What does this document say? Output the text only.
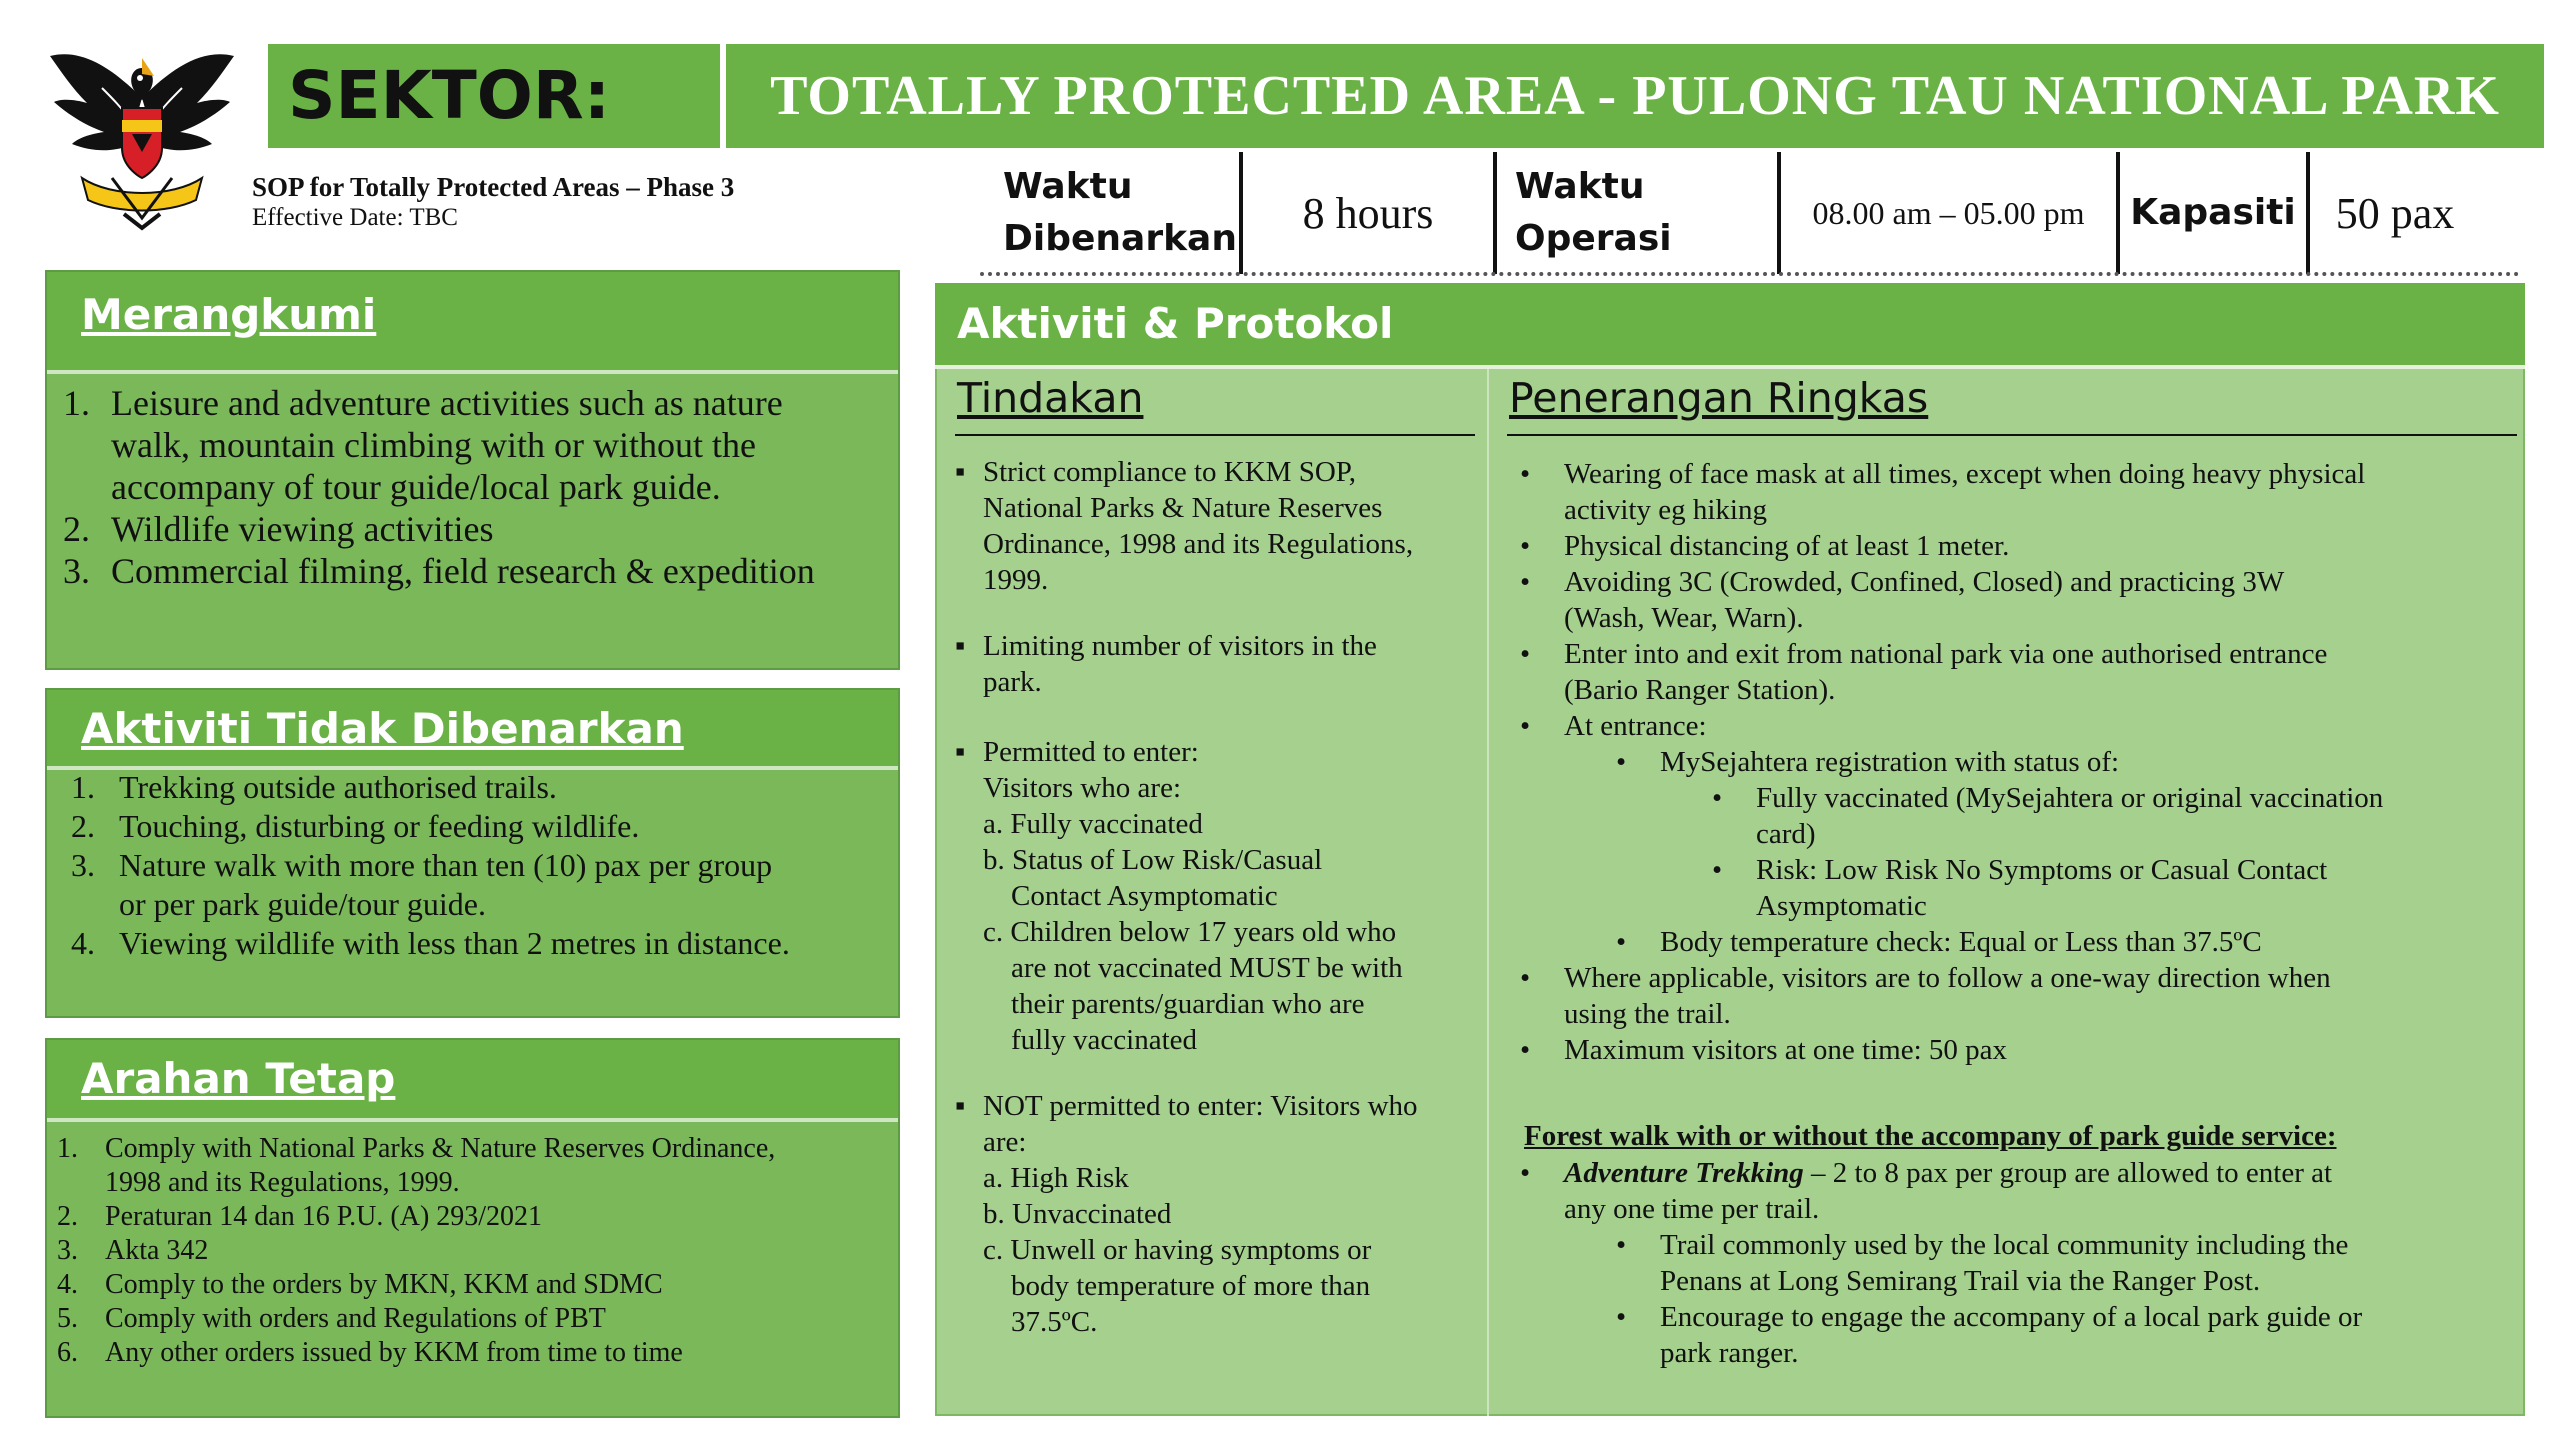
SEKTOR:	TOTALLY PROTECTED AREA - PULONG TAU NATIONAL PARK
SOP for Totally Protected Areas – Phase 3
Effective Date: TBC
Waktu
Dibenarkan
8 hours
Waktu
Operasi
08.00 am – 05.00 pm Kapasiti 50 pax
Merangkumi
1. Leisure and adventure activities such as nature
walk, mountain climbing with or without the
accompany of tour guide/local park guide.
2. Wildlife viewing activities
3. Commercial filming, field research & expedition
Aktiviti Tidak Dibenarkan
1. Trekking outside authorised trails.
2. Touching, disturbing or feeding wildlife.
3. Nature walk with more than ten (10) pax per group
or per park guide/tour guide.
4. Viewing wildlife with less than 2 metres in distance.
Arahan Tetap
1. Comply with National Parks & Nature Reserves Ordinance,
1998 and its Regulations, 1999.
2. Peraturan 14 dan 16 P.U. (A) 293/2021
3. Akta 342
4. Comply to the orders by MKN, KKM and SDMC
5. Comply with orders and Regulations of PBT
6. Any other orders issued by KKM from time to time
Aktiviti & Protokol
Tindakan	Penerangan Ringkas
▪ Strict compliance to KKM SOP,
National Parks & Nature Reserves
Ordinance, 1998 and its Regulations,
1999.
▪ Limiting number of visitors in the
park.
▪ Permitted to enter:
Visitors who are:
a. Fully vaccinated
b. Status of Low Risk/Casual
Contact Asymptomatic
c. Children below 17 years old who
are not vaccinated MUST be with
their parents/guardian who are
fully vaccinated
▪ NOT permitted to enter: Visitors who
are:
a. High Risk
b. Unvaccinated
c. Unwell or having symptoms or
body temperature of more than
37.5ºC.
• Wearing of face mask at all times, except when doing heavy physical
activity eg hiking
• Physical distancing of at least 1 meter.
• Avoiding 3C (Crowded, Confined, Closed) and practicing 3W
(Wash, Wear, Warn).
• Enter into and exit from national park via one authorised entrance
(Bario Ranger Station).
• At entrance:
• MySejahtera registration with status of:
• Fully vaccinated (MySejahtera or original vaccination
card)
• Risk: Low Risk No Symptoms or Casual Contact
Asymptomatic
• Body temperature check: Equal or Less than 37.5ºC
• Where applicable, visitors are to follow a one-way direction when
using the trail.
• Maximum visitors at one time: 50 pax
Forest walk with or without the accompany of park guide service:
• Adventure Trekking – 2 to 8 pax per group are allowed to enter at
any one time per trail.
• Trail commonly used by the local community including the
Penans at Long Semirang Trail via the Ranger Post.
• Encourage to engage the accompany of a local park guide or
park ranger.
